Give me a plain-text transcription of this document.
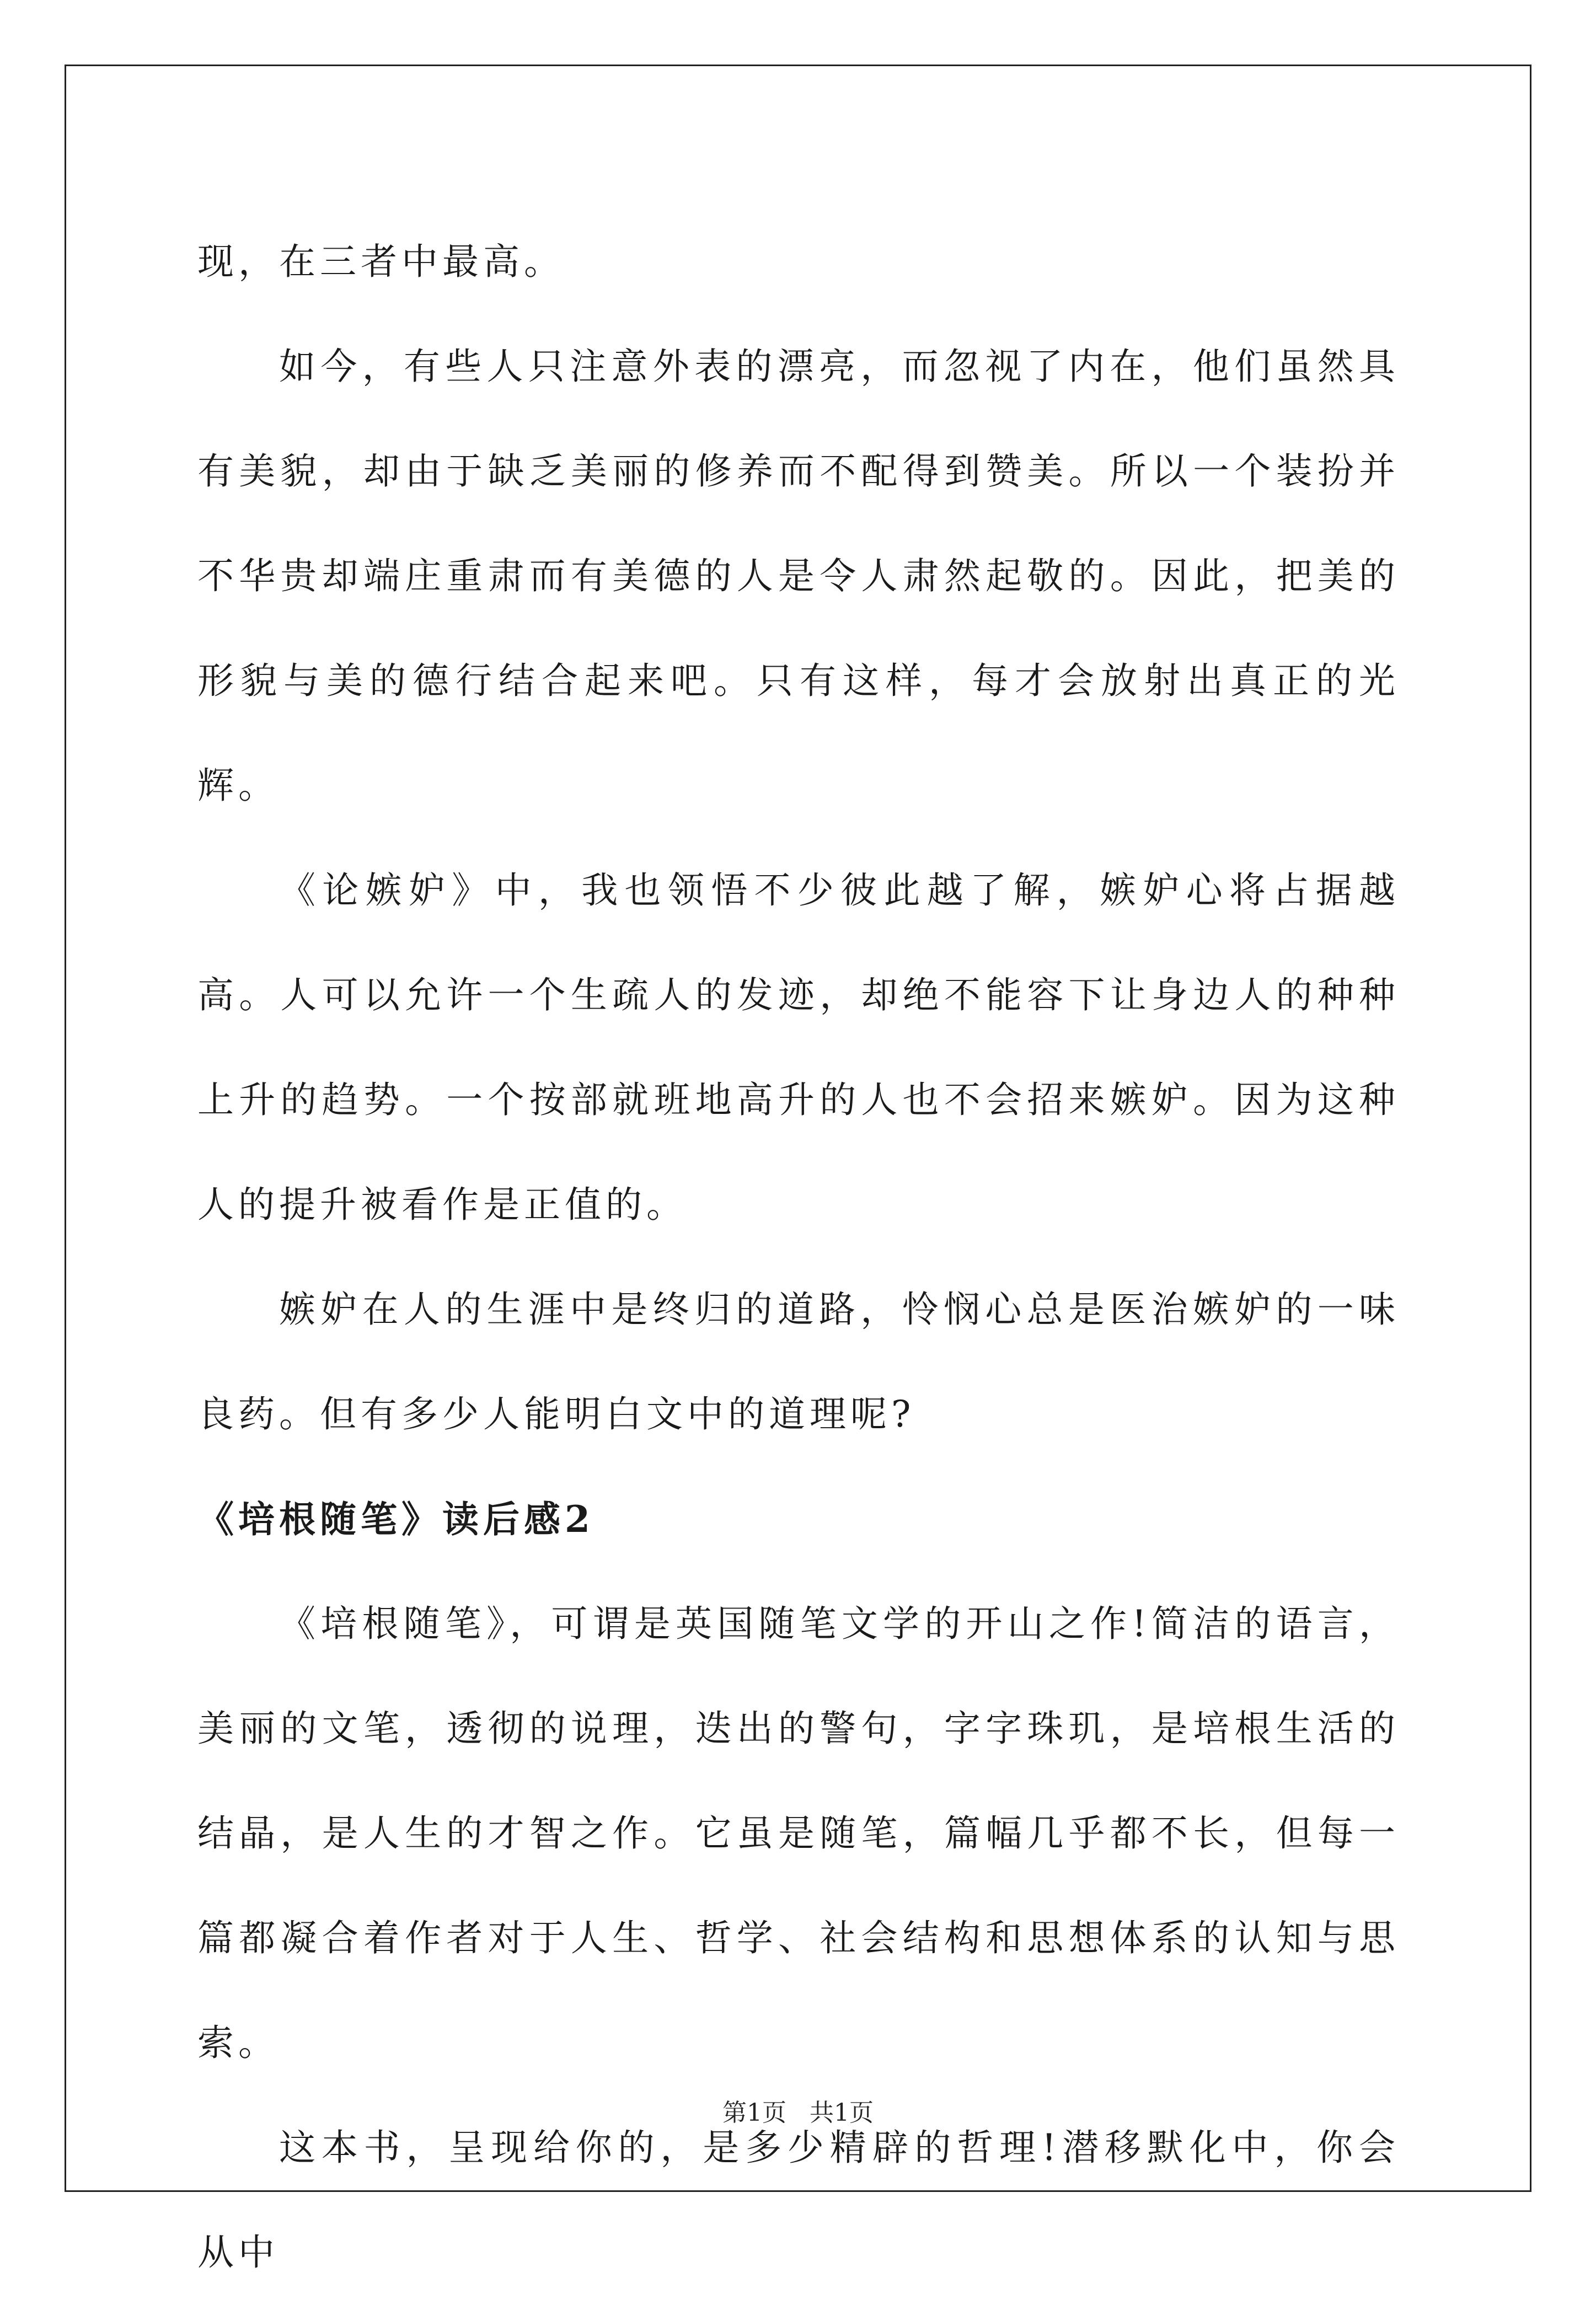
现，在三者中最高。

如今，有些人只注意外表的漂亮，而忽视了内在，他们虽然具有美貌，却由于缺乏美丽的修养而不配得到赞美。所以一个装扮并不华贵却端庄重肃而有美德的人是令人肃然起敬的。因此，把美的形貌与美的德行结合起来吧。只有这样，每才会放射出真正的光辉。

《论嫉妒》中，我也领悟不少彼此越了解，嫉妒心将占据越高。人可以允许一个生疏人的发迹，却绝不能容下让身边人的种种上升的趋势。一个按部就班地高升的人也不会招来嫉妒。因为这种人的提升被看作是正值的。

嫉妒在人的生涯中是终归的道路，怜悯心总是医治嫉妒的一味良药。但有多少人能明白文中的道理呢?

《培根随笔》读后感2

《培根随笔》，可谓是英国随笔文学的开山之作!简洁的语言，美丽的文笔，透彻的说理，迭出的警句，字字珠玑，是培根生活的结晶，是人生的才智之作。它虽是随笔，篇幅几乎都不长，但每一篇都凝合着作者对于人生、哲学、社会结构和思想体系的认知与思索。

这本书，呈现给你的，是多少精辟的哲理!潜移默化中，你会从中

第1页 共1页
